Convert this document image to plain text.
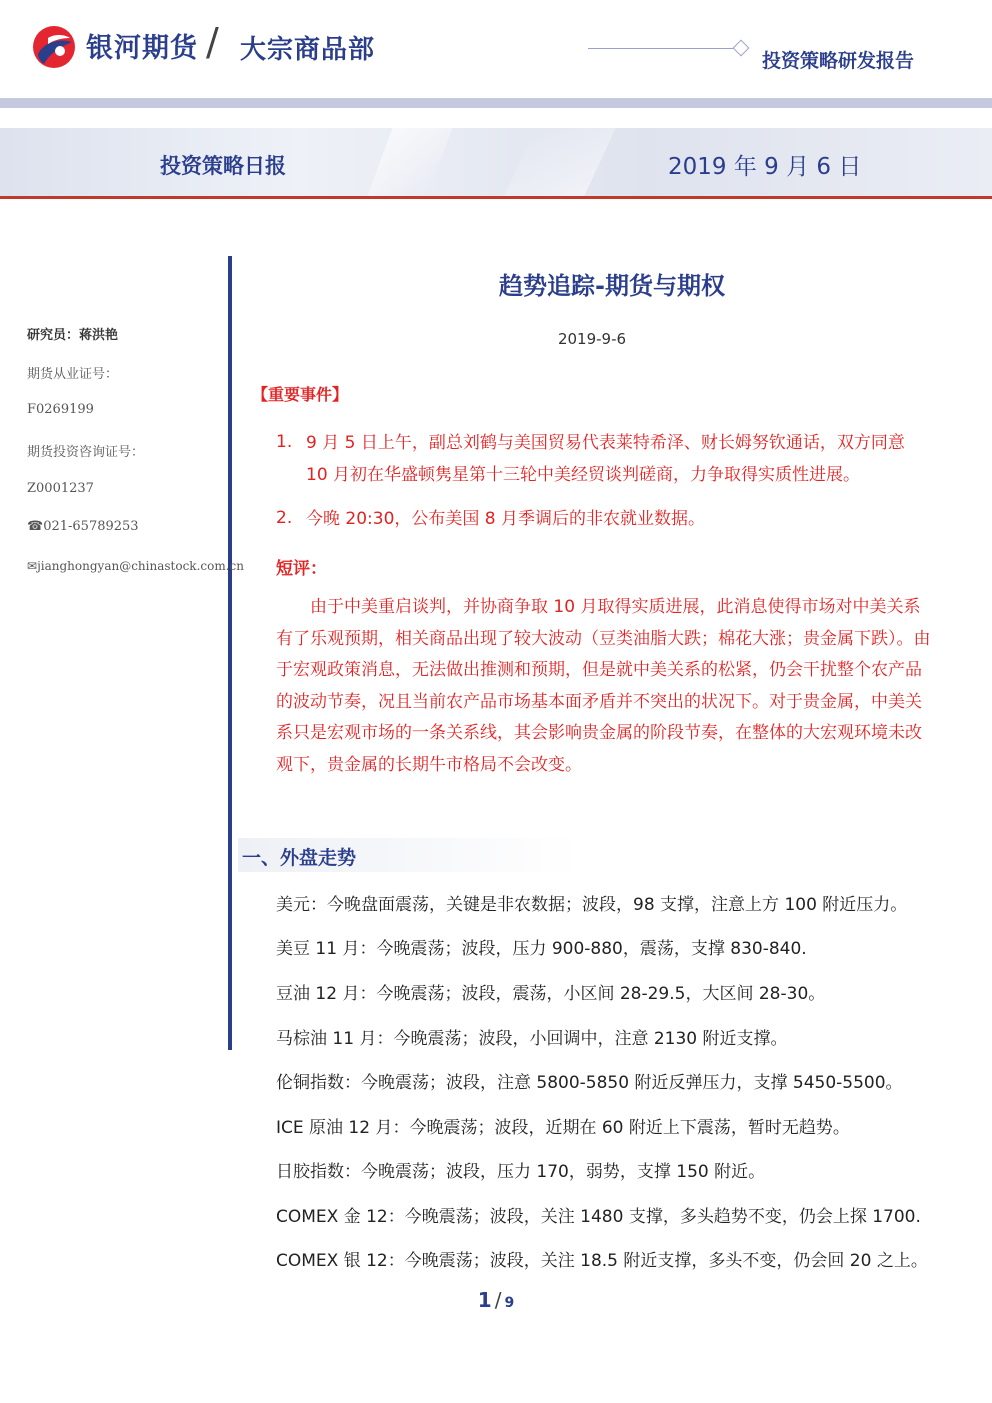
银河期货 / 大宗商品部	投资策略研发报告
投资策略日报	2019 年 9 月 6 日
研究员：蒋洪艳
期货从业证号：
F0269199
期货投资咨询证号：
Z0001237
☎021-65789253
✉jianghongyan@chinastock.com.cn
趋势追踪-期货与期权
2019-9-6
【重要事件】
1. 9 月 5 日上午，副总刘鹤与美国贸易代表莱特希泽、财长姆努钦通话，双方同意
10 月初在华盛顿隽星第十三轮中美经贸谈判磋商，力争取得实质性进展。
2. 今晚 20:30，公布美国 8 月季调后的非农就业数据。
短评：
由于中美重启谈判，并协商争取 10 月取得实质进展，此消息使得市场对中美关系有了乐观预期，相关商品出现了较大波动（豆类油脂大跌；棉花大涨；贵金属下跌）。由于宏观政策消息，无法做出推测和预期，但是就中美关系的松紧，仍会干扰整个农产品的波动节奏，况且当前农产品市场基本面矛盾并不突出的状况下。对于贵金属，中美关系只是宏观市场的一条关系线，其会影响贵金属的阶段节奏，在整体的大宏观环境未改观下，贵金属的长期牛市格局不会改变。
一、外盘走势
美元：今晚盘面震荡，关键是非农数据；波段，98 支撑，注意上方 100 附近压力。
美豆 11 月：今晚震荡；波段，压力 900-880，震荡，支撑 830-840.
豆油 12 月：今晚震荡；波段，震荡，小区间 28-29.5，大区间 28-30。
马棕油 11 月：今晚震荡；波段，小回调中，注意 2130 附近支撑。
伦铜指数：今晚震荡；波段，注意 5800-5850 附近反弹压力，支撑 5450-5500。
ICE 原油 12 月：今晚震荡；波段，近期在 60 附近上下震荡，暂时无趋势。
日胶指数：今晚震荡；波段，压力 170，弱势，支撑 150 附近。
COMEX 金 12：今晚震荡；波段，关注 1480 支撑，多头趋势不变，仍会上探 1700.
COMEX 银 12：今晚震荡；波段，关注 18.5 附近支撑，多头不变，仍会回 20 之上。
1 / 9
